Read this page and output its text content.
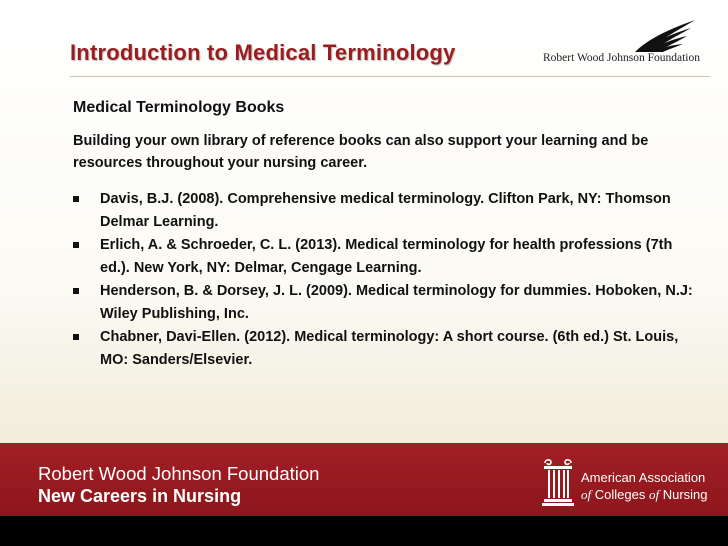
Introduction to Medical Terminology	Robert Wood Johnson Foundation
Medical Terminology Books
Building your own library of reference books can also support your learning and be resources throughout your nursing career.
Davis, B.J. (2008). Comprehensive medical terminology. Clifton Park, NY: Thomson Delmar Learning.
Erlich, A. & Schroeder, C. L. (2013). Medical terminology for health professions (7th ed.). New York, NY: Delmar, Cengage Learning.
Henderson, B. & Dorsey, J. L. (2009). Medical terminology for dummies. Hoboken, N.J: Wiley Publishing, Inc.
Chabner, Davi-Ellen. (2012). Medical terminology: A short course. (6th ed.) St. Louis, MO: Sanders/Elsevier.
Robert Wood Johnson Foundation
New Careers in Nursing
American Association
of Colleges of Nursing
